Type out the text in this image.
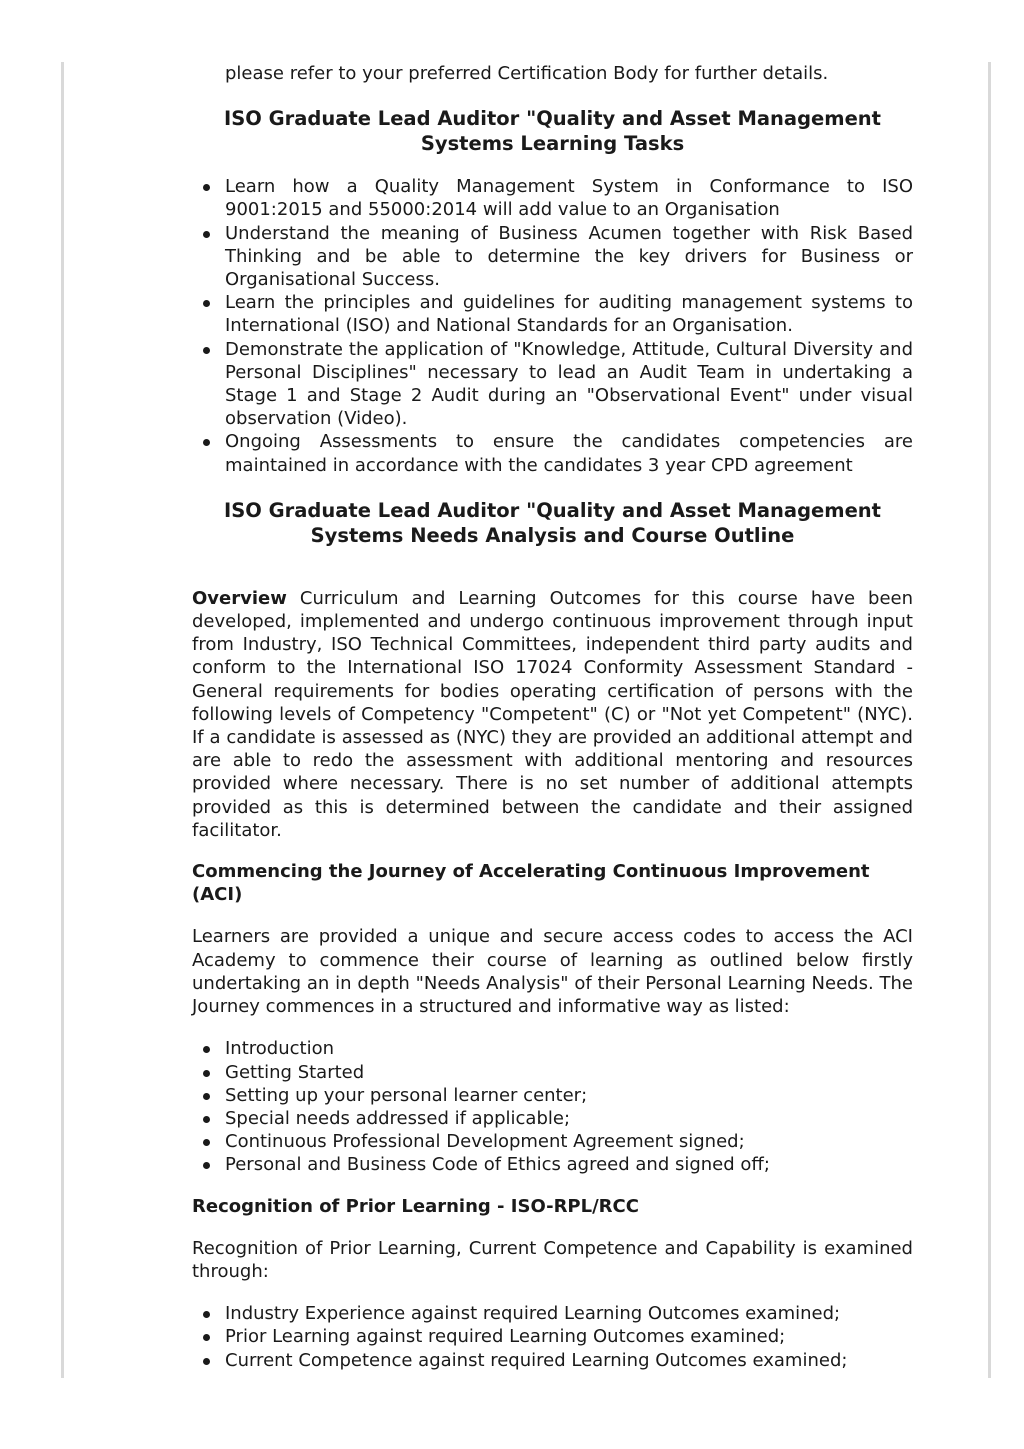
please refer to your preferred Certification Body for further details.

ISO Graduate Lead Auditor "Quality and Asset Management Systems Learning Tasks
Learn how a Quality Management System in Conformance to ISO 9001:2015 and 55000:2014 will add value to an Organisation
Understand the meaning of Business Acumen together with Risk Based Thinking and be able to determine the key drivers for Business or Organisational Success.
Learn the principles and guidelines for auditing management systems to International (ISO) and National Standards for an Organisation.
Demonstrate the application of "Knowledge, Attitude, Cultural Diversity and Personal Disciplines" necessary to lead an Audit Team in undertaking a Stage 1 and Stage 2 Audit during an "Observational Event" under visual observation (Video).
Ongoing Assessments to ensure the candidates competencies are maintained in accordance with the candidates 3 year CPD agreement
ISO Graduate Lead Auditor "Quality and Asset Management Systems Needs Analysis and Course Outline

Overview Curriculum and Learning Outcomes for this course have been developed, implemented and undergo continuous improvement through input from Industry, ISO Technical Committees, independent third party audits and conform to the International ISO 17024 Conformity Assessment Standard - General requirements for bodies operating certification of persons with the following levels of Competency "Competent" (C) or "Not yet Competent" (NYC). If a candidate is assessed as (NYC) they are provided an additional attempt and are able to redo the assessment with additional mentoring and resources provided where necessary. There is no set number of additional attempts provided as this is determined between the candidate and their assigned facilitator.

Commencing the Journey of Accelerating Continuous Improvement (ACI)

Learners are provided a unique and secure access codes to access the ACI Academy to commence their course of learning as outlined below firstly undertaking an in depth "Needs Analysis" of their Personal Learning Needs. The Journey commences in a structured and informative way as listed:

Introduction
Getting Started
Setting up your personal learner center;
Special needs addressed if applicable;
Continuous Professional Development Agreement signed;
Personal and Business Code of Ethics agreed and signed off;
Recognition of Prior Learning - ISO-RPL/RCC

Recognition of Prior Learning, Current Competence and Capability is examined through:

Industry Experience against required Learning Outcomes examined;
Prior Learning against required Learning Outcomes examined;
Current Competence against required Learning Outcomes examined;
